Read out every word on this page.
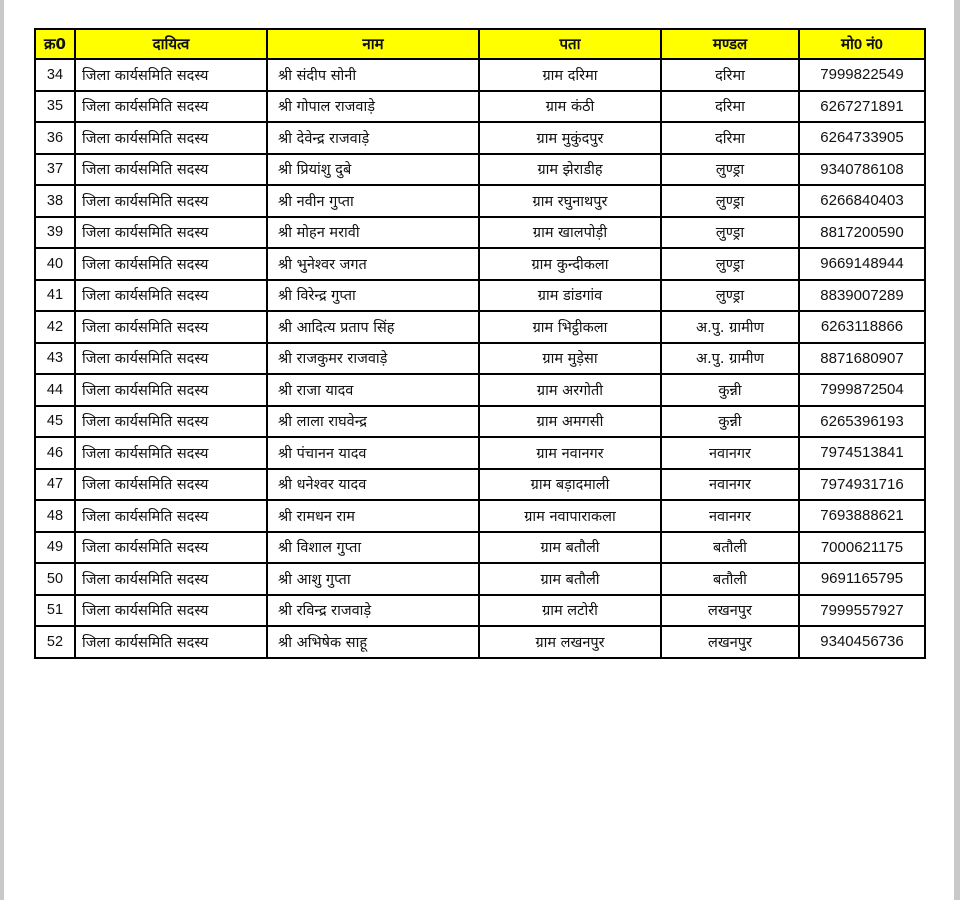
क्र0	दायित्व	नाम	पता	मण्डल	मो0 नं0
34	जिला कार्यसमिति सदस्य	श्री संदीप सोनी	ग्राम दरिमा	दरिमा	7999822549
35	जिला कार्यसमिति सदस्य	श्री गोपाल राजवाड़े	ग्राम कंठी	दरिमा	6267271891
36	जिला कार्यसमिति सदस्य	श्री देवेन्द्र राजवाड़े	ग्राम मुकुंदपुर	दरिमा	6264733905
37	जिला कार्यसमिति सदस्य	श्री प्रियांशु दुबे	ग्राम झेराडीह	लुण्ड्रा	9340786108
38	जिला कार्यसमिति सदस्य	श्री नवीन गुप्ता	ग्राम रघुनाथपुर	लुण्ड्रा	6266840403
39	जिला कार्यसमिति सदस्य	श्री मोहन मरावी	ग्राम खालपोड़ी	लुण्ड्रा	8817200590
40	जिला कार्यसमिति सदस्य	श्री भुनेश्वर जगत	ग्राम कुन्दीकला	लुण्ड्रा	9669148944
41	जिला कार्यसमिति सदस्य	श्री विरेन्द्र गुप्ता	ग्राम डांडगांव	लुण्ड्रा	8839007289
42	जिला कार्यसमिति सदस्य	श्री आदित्य प्रताप सिंह	ग्राम भिट्ठीकला	अ.पु. ग्रामीण	6263118866
43	जिला कार्यसमिति सदस्य	श्री राजकुमर राजवाड़े	ग्राम मुड़ेसा	अ.पु. ग्रामीण	8871680907
44	जिला कार्यसमिति सदस्य	श्री राजा यादव	ग्राम अरगोती	कुन्नी	7999872504
45	जिला कार्यसमिति सदस्य	श्री लाला राघवेन्द्र	ग्राम अमगसी	कुन्नी	6265396193
46	जिला कार्यसमिति सदस्य	श्री पंचानन यादव	ग्राम नवानगर	नवानगर	7974513841
47	जिला कार्यसमिति सदस्य	श्री धनेश्वर यादव	ग्राम बड़ादमाली	नवानगर	7974931716
48	जिला कार्यसमिति सदस्य	श्री रामधन राम	ग्राम नवापाराकला	नवानगर	7693888621
49	जिला कार्यसमिति सदस्य	श्री विशाल गुप्ता	ग्राम बतौली	बतौली	7000621175
50	जिला कार्यसमिति सदस्य	श्री आशु गुप्ता	ग्राम बतौली	बतौली	9691165795
51	जिला कार्यसमिति सदस्य	श्री रविन्द्र राजवाड़े	ग्राम लटोरी	लखनपुर	7999557927
52	जिला कार्यसमिति सदस्य	श्री अभिषेक साहू	ग्राम लखनपुर	लखनपुर	9340456736
